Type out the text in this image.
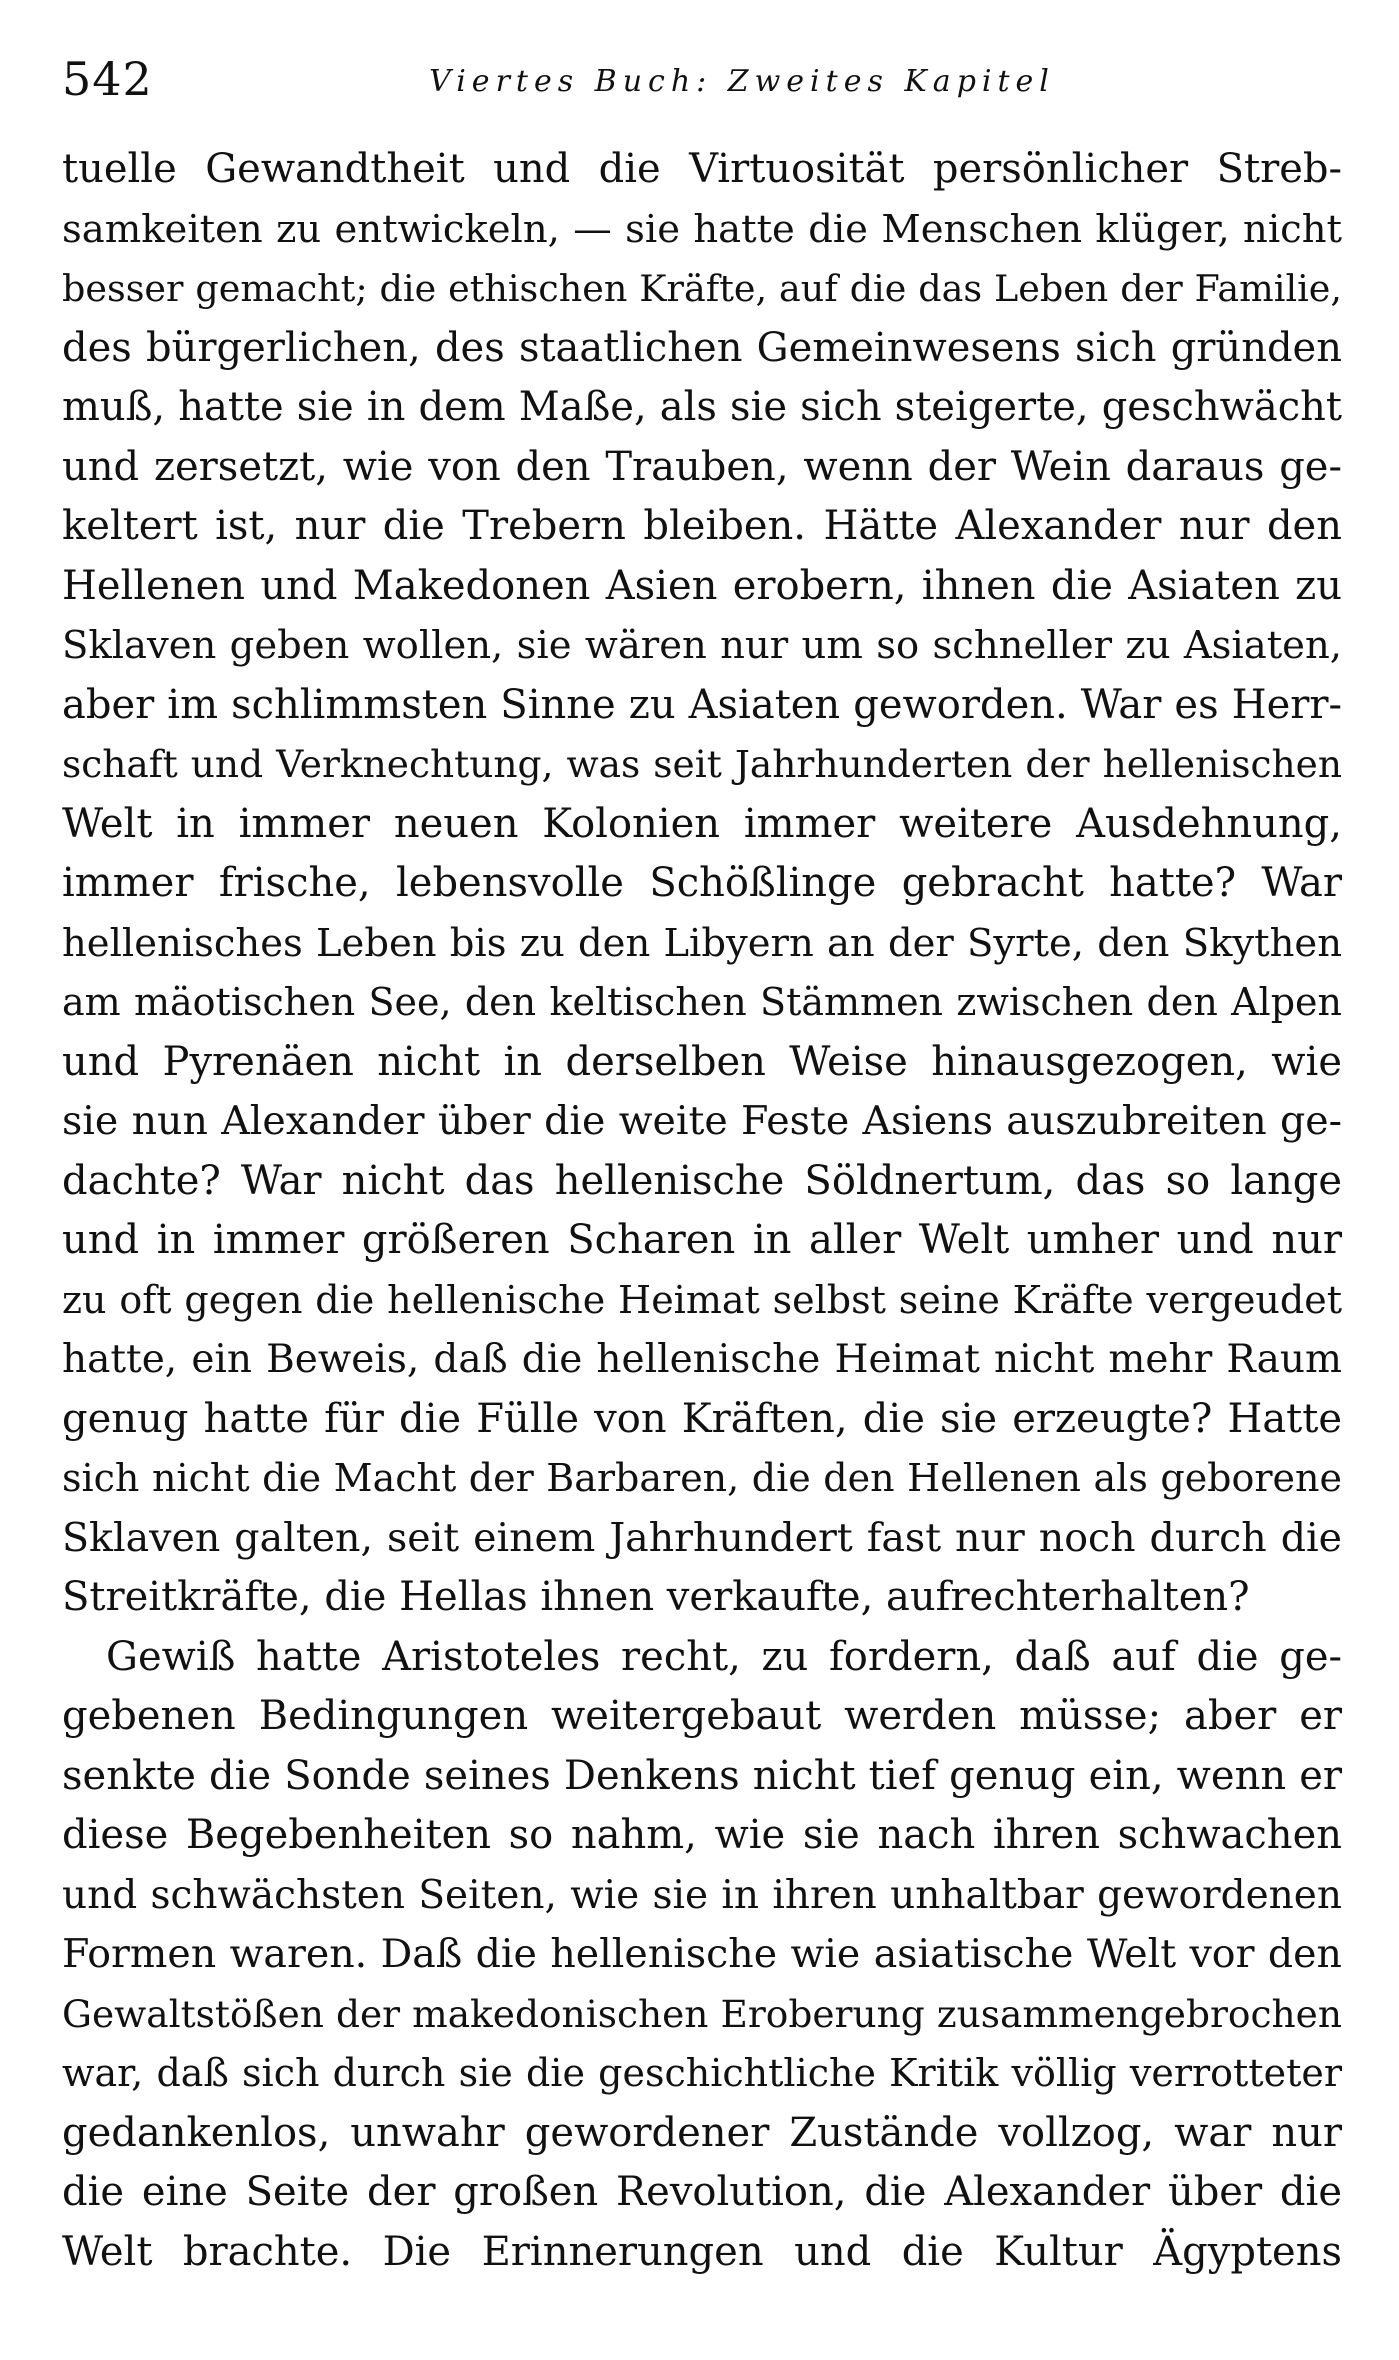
542	Viertes Buch: Zweites Kapitel
tuelle Gewandtheit und die Virtuosität persönlicher Streb-
samkeiten zu entwickeln, — sie hatte die Menschen klüger, nicht
besser gemacht; die ethischen Kräfte, auf die das Leben der Familie,
des bürgerlichen, des staatlichen Gemeinwesens sich gründen
muß, hatte sie in dem Maße, als sie sich steigerte, geschwächt
und zersetzt, wie von den Trauben, wenn der Wein daraus ge-
keltert ist, nur die Trebern bleiben. Hätte Alexander nur den
Hellenen und Makedonen Asien erobern, ihnen die Asiaten zu
Sklaven geben wollen, sie wären nur um so schneller zu Asiaten,
aber im schlimmsten Sinne zu Asiaten geworden. War es Herr-
schaft und Verknechtung, was seit Jahrhunderten der hellenischen
Welt in immer neuen Kolonien immer weitere Ausdehnung,
immer frische, lebensvolle Schößlinge gebracht hatte? War
hellenisches Leben bis zu den Libyern an der Syrte, den Skythen
am mäotischen See, den keltischen Stämmen zwischen den Alpen
und Pyrenäen nicht in derselben Weise hinausgezogen, wie
sie nun Alexander über die weite Feste Asiens auszubreiten ge-
dachte? War nicht das hellenische Söldnertum, das so lange
und in immer größeren Scharen in aller Welt umher und nur
zu oft gegen die hellenische Heimat selbst seine Kräfte vergeudet
hatte, ein Beweis, daß die hellenische Heimat nicht mehr Raum
genug hatte für die Fülle von Kräften, die sie erzeugte? Hatte
sich nicht die Macht der Barbaren, die den Hellenen als geborene
Sklaven galten, seit einem Jahrhundert fast nur noch durch die
Streitkräfte, die Hellas ihnen verkaufte, aufrechterhalten?
Gewiß hatte Aristoteles recht, zu fordern, daß auf die ge-
gebenen Bedingungen weitergebaut werden müsse; aber er
senkte die Sonde seines Denkens nicht tief genug ein, wenn er
diese Begebenheiten so nahm, wie sie nach ihren schwachen
und schwächsten Seiten, wie sie in ihren unhaltbar gewordenen
Formen waren. Daß die hellenische wie asiatische Welt vor den
Gewaltstößen der makedonischen Eroberung zusammengebrochen
war, daß sich durch sie die geschichtliche Kritik völlig verrotteter
gedankenlos, unwahr gewordener Zustände vollzog, war nur
die eine Seite der großen Revolution, die Alexander über die
Welt brachte. Die Erinnerungen und die Kultur Ägyptens
